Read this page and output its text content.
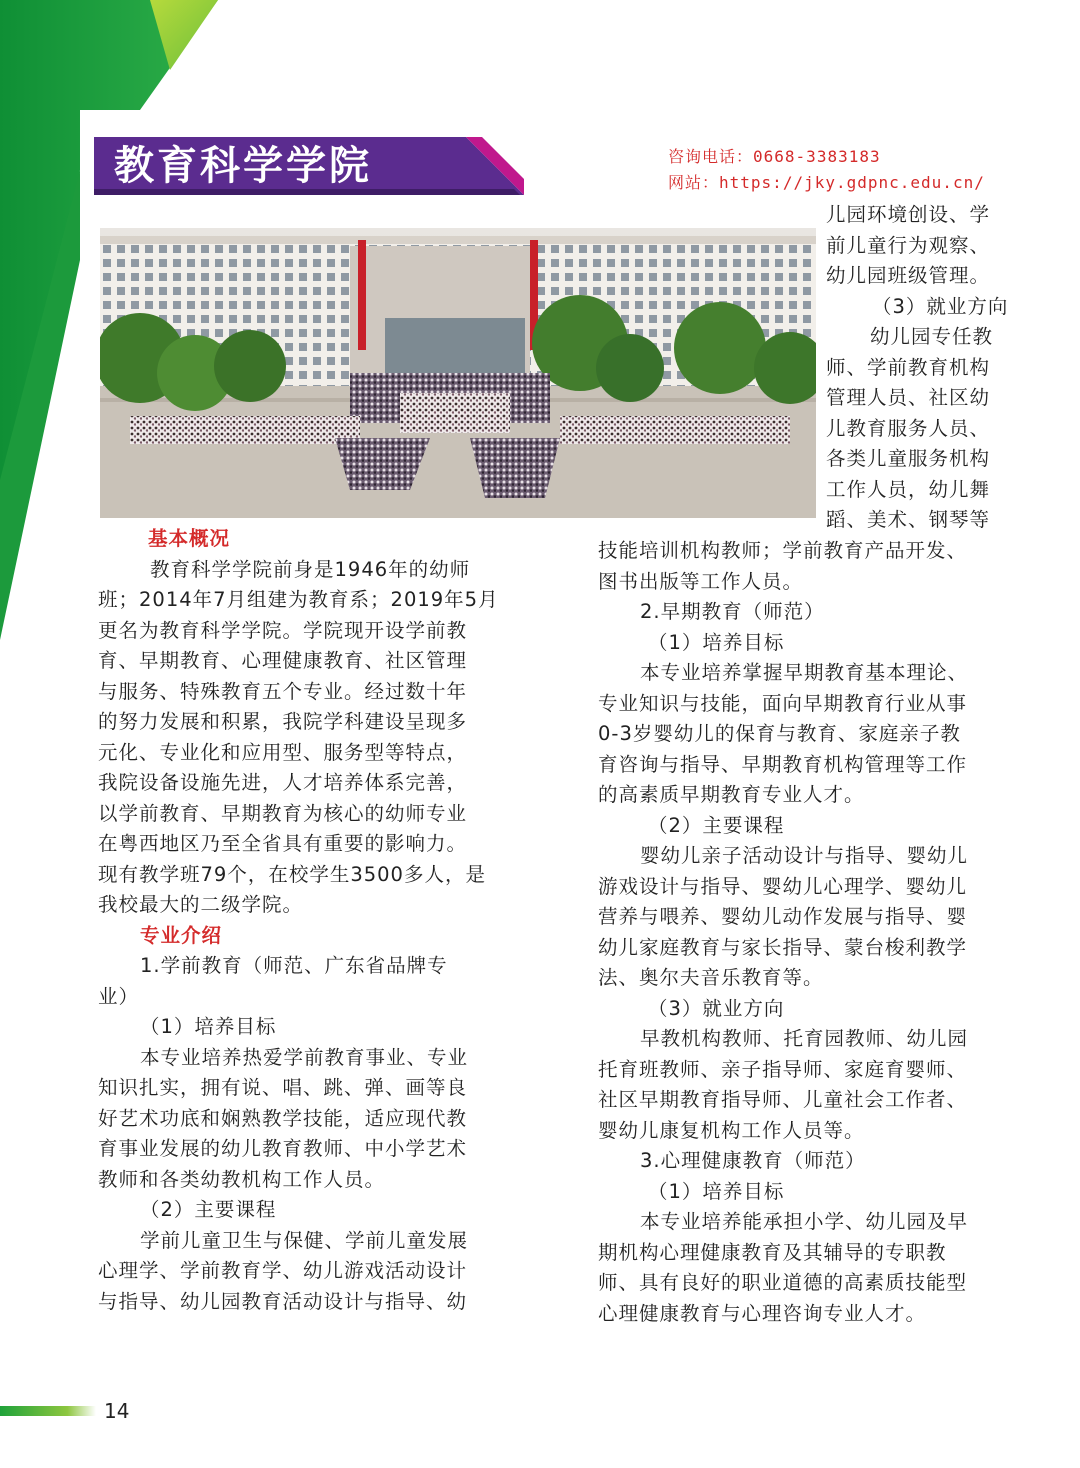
教育科学学院	咨询电话：0668-3383183
网站：https://jky.gdpnc.edu.cn/

基本概况

教育科学学院前身是1946年的幼师

班；2014年7月组建为教育系；2019年5月

更名为教育科学学院。学院现开设学前教

育、早期教育、心理健康教育、社区管理

与服务、特殊教育五个专业。经过数十年

的努力发展和积累，我院学科建设呈现多

元化、专业化和应用型、服务型等特点，

我院设备设施先进，人才培养体系完善，

以学前教育、早期教育为核心的幼师专业

在粤西地区乃至全省具有重要的影响力。

现有教学班79个，在校学生3500多人，是

我校最大的二级学院。

专业介绍

1.学前教育（师范、广东省品牌专

业）

（1）培养目标

本专业培养热爱学前教育事业、专业

知识扎实，拥有说、唱、跳、弹、画等良

好艺术功底和娴熟教学技能，适应现代教

育事业发展的幼儿教育教师、中小学艺术

教师和各类幼教机构工作人员。

（2）主要课程

学前儿童卫生与保健、学前儿童发展

心理学、学前教育学、幼儿游戏活动设计

与指导、幼儿园教育活动设计与指导、幼

儿园环境创设、学

前儿童行为观察、

幼儿园班级管理。

（3）就业方向

幼儿园专任教

师、学前教育机构

管理人员、社区幼

儿教育服务人员、

各类儿童服务机构

工作人员，幼儿舞

蹈、美术、钢琴等

技能培训机构教师；学前教育产品开发、

图书出版等工作人员。

2.早期教育（师范）

（1）培养目标

本专业培养掌握早期教育基本理论、

专业知识与技能，面向早期教育行业从事

0-3岁婴幼儿的保育与教育、家庭亲子教

育咨询与指导、早期教育机构管理等工作

的高素质早期教育专业人才。

（2）主要课程

婴幼儿亲子活动设计与指导、婴幼儿

游戏设计与指导、婴幼儿心理学、婴幼儿

营养与喂养、婴幼儿动作发展与指导、婴

幼儿家庭教育与家长指导、蒙台梭利教学

法、奥尔夫音乐教育等。

（3）就业方向

早教机构教师、托育园教师、幼儿园

托育班教师、亲子指导师、家庭育婴师、

社区早期教育指导师、儿童社会工作者、

婴幼儿康复机构工作人员等。

3.心理健康教育（师范）

（1）培养目标

本专业培养能承担小学、幼儿园及早

期机构心理健康教育及其辅导的专职教

师、具有良好的职业道德的高素质技能型

心理健康教育与心理咨询专业人才。

14
